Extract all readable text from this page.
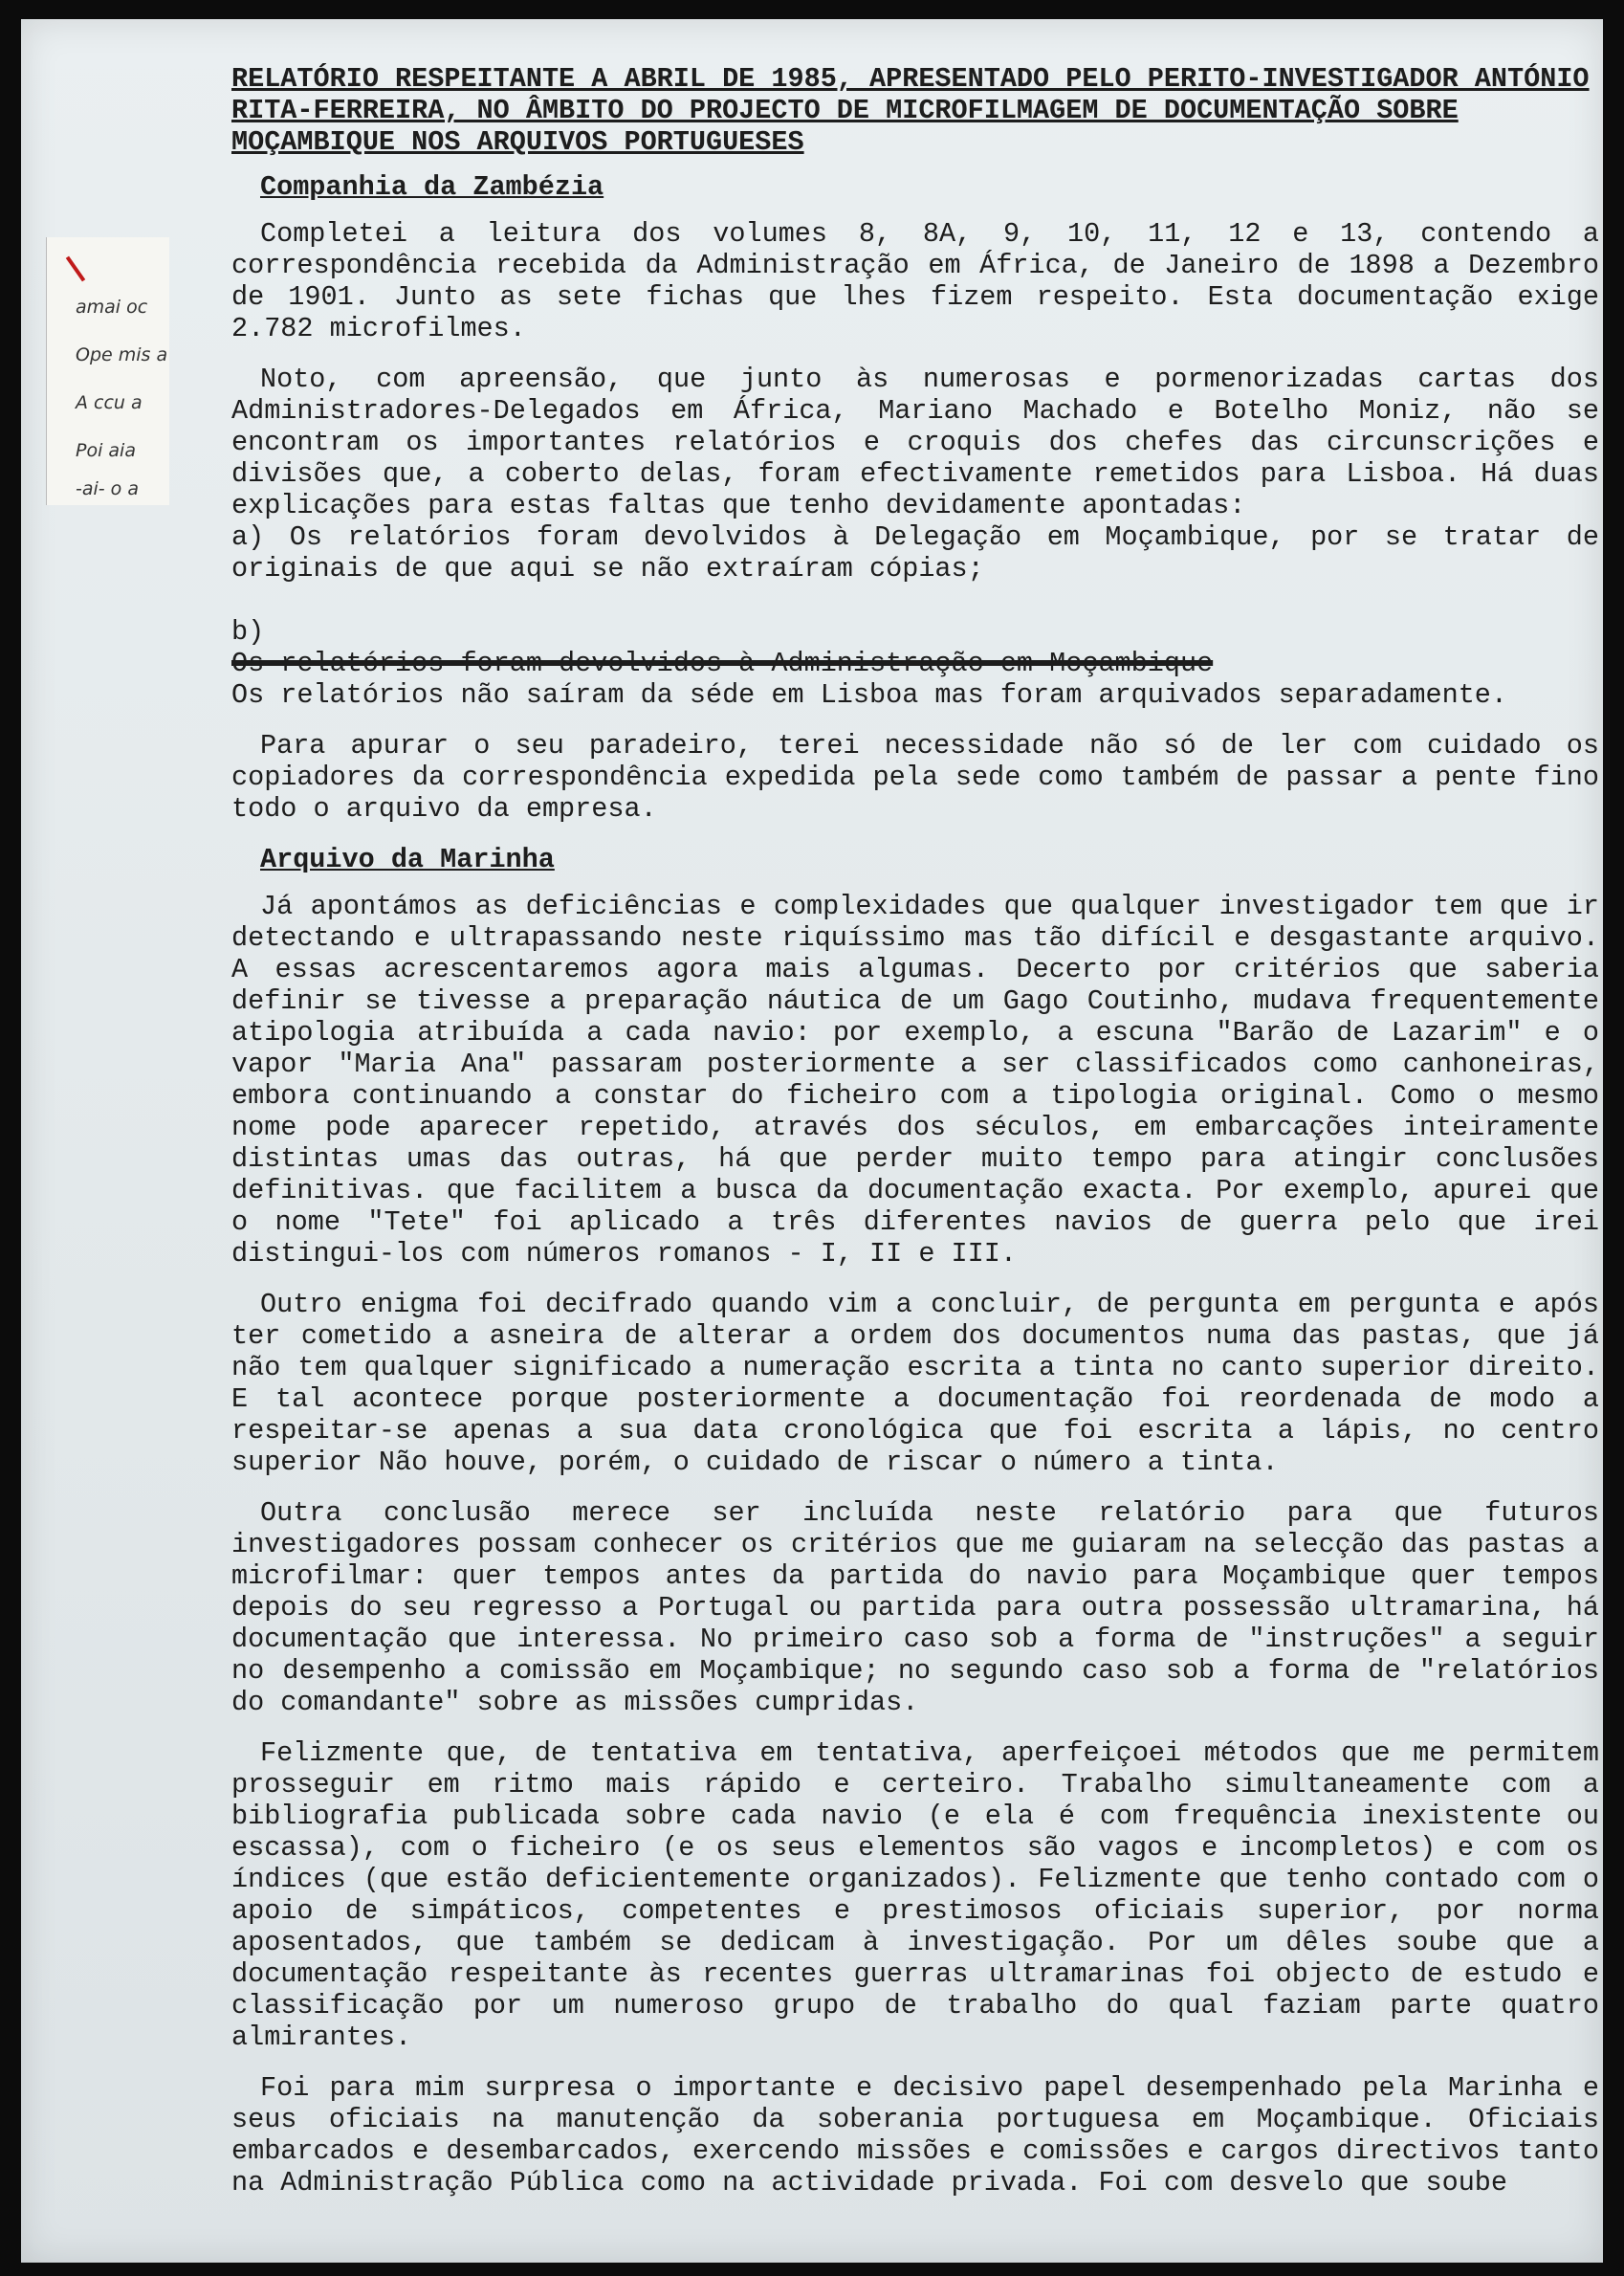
amai oc
Ope mis a
A ccu a
Poi aia
-ai- o a
RELATÓRIO RESPEITANTE A ABRIL DE 1985, APRESENTADO PELO PERITO-INVESTIGADOR ANTÓNIO RITA-FERREIRA, NO ÂMBITO DO PROJECTO DE MICROFILMAGEM DE DOCUMENTAÇÃO SOBRE MOÇAMBIQUE NOS ARQUIVOS PORTUGUESES
Companhia da Zambézia
Completei a leitura dos volumes 8, 8A, 9, 10, 11, 12 e 13, contendo a correspondência recebida da Administração em África, de Janeiro de 1898 a Dezembro de 1901. Junto as sete fichas que lhes fizem respeito. Esta documentação exige 2.782 microfilmes.
Noto, com apreensão, que junto às numerosas e pormenorizadas cartas dos Administradores-Delegados em África, Mariano Machado e Botelho Moniz, não se encontram os importantes relatórios e croquis dos chefes das circunscrições e divisões que, a coberto delas, foram efectivamente remetidos para Lisboa. Há duas explicações para estas faltas que tenho devidamente apontadas:
a) Os relatórios foram devolvidos à Delegação em Moçambique, por se tratar de originais de que aqui se não extraíram cópias;

b)
Os relatórios foram devolvidos à Administração em Moçambique
Os relatórios não saíram da séde em Lisboa mas foram arquivados separadamente.

Para apurar o seu paradeiro, terei necessidade não só de ler com cuidado os copiadores da correspondência expedida pela sede como também de passar a pente fino todo o arquivo da empresa.
Arquivo da Marinha
Já apontámos as deficiências e complexidades que qualquer investigador tem que ir detectando e ultrapassando neste riquíssimo mas tão difícil e desgastante arquivo. A essas acrescentaremos agora mais algumas. Decerto por critérios que saberia definir se tivesse a preparação náutica de um Gago Coutinho, mudava frequentemente atipologia atribuída a cada navio: por exemplo, a escuna "Barão de Lazarim" e o vapor "Maria Ana" passaram posteriormente a ser classificados como canhoneiras, embora continuando a constar do ficheiro com a tipologia original. Como o mesmo nome pode aparecer repetido, através dos séculos, em embarcações inteiramente distintas umas das outras, há que perder muito tempo para atingir conclusões definitivas. que facilitem a busca da documentação exacta. Por exemplo, apurei que o nome "Tete" foi aplicado a três diferentes navios de guerra pelo que irei distingui-los com números romanos - I, II e III.
Outro enigma foi decifrado quando vim a concluir, de pergunta em pergunta e após ter cometido a asneira de alterar a ordem dos documentos numa das pastas, que já não tem qualquer significado a numeração escrita a tinta no canto superior direito. E tal acontece porque posteriormente a documentação foi reordenada de modo a respeitar-se apenas a sua data cronológica que foi escrita a lápis, no centro superior Não houve, porém, o cuidado de riscar o número a tinta.
Outra conclusão merece ser incluída neste relatório para que futuros investigadores possam conhecer os critérios que me guiaram na selecção das pastas a microfilmar: quer tempos antes da partida do navio para Moçambique quer tempos depois do seu regresso a Portugal ou partida para outra possessão ultramarina, há documentação que interessa. No primeiro caso sob a forma de "instruções" a seguir no desempenho a comissão em Moçambique; no segundo caso sob a forma de "relatórios do comandante" sobre as missões cumpridas.
Felizmente que, de tentativa em tentativa, aperfeiçoei métodos que me permitem prosseguir em ritmo mais rápido e certeiro. Trabalho simultaneamente com a bibliografia publicada sobre cada navio (e ela é com frequência inexistente ou escassa), com o ficheiro (e os seus elementos são vagos e incompletos) e com os índices (que estão deficientemente organizados). Felizmente que tenho contado com o apoio de simpáticos, competentes e prestimosos oficiais superior, por norma aposentados, que também se dedicam à investigação. Por um dêles soube que a documentação respeitante às recentes guerras ultramarinas foi objecto de estudo e classificação por um numeroso grupo de trabalho do qual faziam parte quatro almirantes.
Foi para mim surpresa o importante e decisivo papel desempenhado pela Marinha e seus oficiais na manutenção da soberania portuguesa em Moçambique. Oficiais embarcados e desembarcados, exercendo missões e comissões e cargos directivos tanto na Administração Pública como na actividade privada. Foi com desvelo que soube
